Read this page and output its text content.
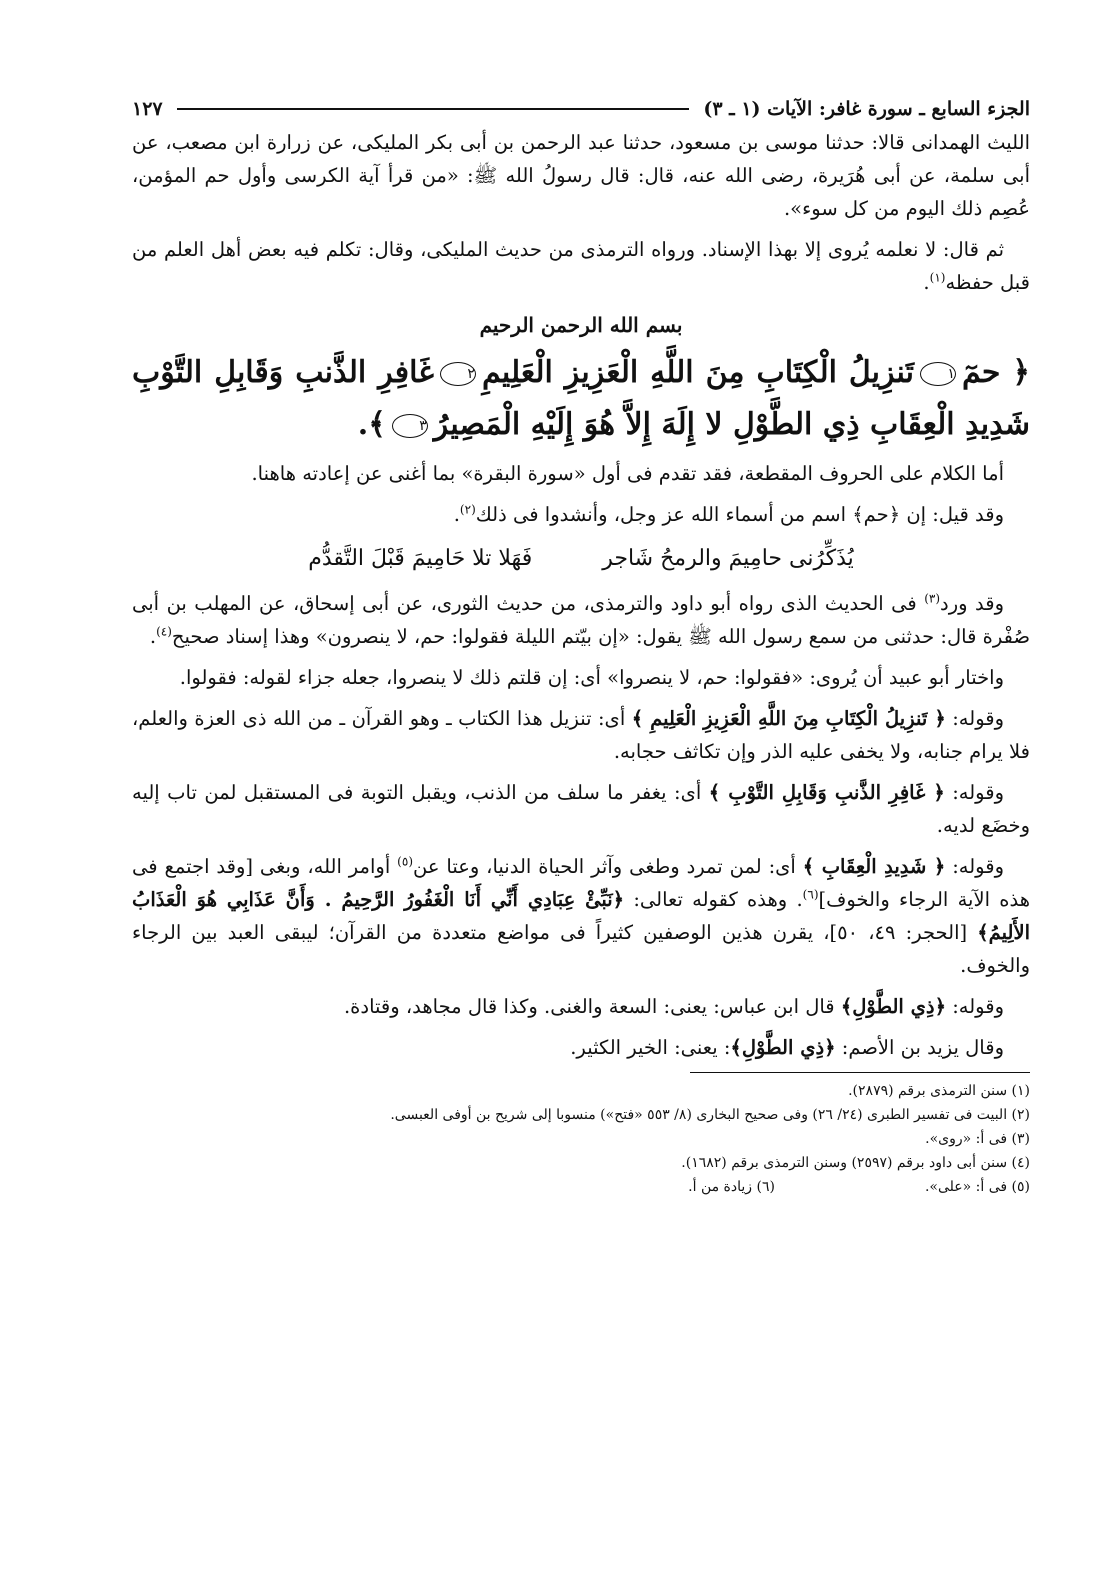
الجزء السابع ـ سورة غافر: الآيات (١ ـ ٣)
١٢٧

الليث الهمدانى قالا: حدثنا موسى بن مسعود، حدثنا عبد الرحمن بن أبى بكر المليكى، عن زرارة ابن مصعب، عن أبى سلمة، عن أبى هُرَيرة، رضى الله عنه، قال: قال رسولُ الله ﷺ: «من قرأ آية الكرسى وأول حم المؤمن، عُصِم ذلك اليوم من كل سوء».

ثم قال: لا نعلمه يُروى إلا بهذا الإسناد. ورواه الترمذى من حديث المليكى، وقال: تكلم فيه بعض أهل العلم من قبل حفظه$^{(١)}$.

بسم الله الرحمن الرحيم

﴿ حمٓ١تَنزِيلُ الْكِتَابِ مِنَ اللَّهِ الْعَزِيزِ الْعَلِيمِ٢غَافِرِ الذَّنبِ وَقَابِلِ التَّوْبِ شَدِيدِ الْعِقَابِ ذِي الطَّوْلِ لا إِلَهَ إِلاَّ هُوَ إِلَيْهِ الْمَصِيرُ٣﴾.

أما الكلام على الحروف المقطعة، فقد تقدم فى أول «سورة البقرة» بما أغنى عن إعادته هاهنا.

وقد قيل: إن ﴿حم﴾ اسم من أسماء الله عز وجل، وأنشدوا فى ذلك$^{(٢)}$.

يُذَكِّرُنى حامِيمَ والرمحُ شَاجر
فَهَلا تلا حَامِيمَ قَبْلَ التَّقدُّم

وقد ورد$^{(٣)}$ فى الحديث الذى رواه أبو داود والترمذى، من حديث الثورى، عن أبى إسحاق، عن المهلب بن أبى صُفْرة قال: حدثنى من سمع رسول الله ﷺ يقول: «إن بيّتم الليلة فقولوا: حم، لا ينصرون» وهذا إسناد صحيح$^{(٤)}$.

واختار أبو عبيد أن يُروى: «فقولوا: حم، لا ينصروا» أى: إن قلتم ذلك لا ينصروا، جعله جزاء لقوله: فقولوا.

وقوله: ﴿ تَنزِيلُ الْكِتَابِ مِنَ اللَّهِ الْعَزِيزِ الْعَلِيمِ ﴾ أى: تنزيل هذا الكتاب ـ وهو القرآن ـ من الله ذى العزة والعلم، فلا يرام جنابه، ولا يخفى عليه الذر وإن تكاثف حجابه.

وقوله: ﴿ غَافِرِ الذَّنبِ وَقَابِلِ التَّوْبِ ﴾ أى: يغفر ما سلف من الذنب، ويقبل التوبة فى المستقبل لمن تاب إليه وخضَع لديه.

وقوله: ﴿ شَدِيدِ الْعِقَابِ ﴾ أى: لمن تمرد وطغى وآثر الحياة الدنيا، وعتا عن$^{(٥)}$ أوامر الله، وبغى [وقد اجتمع فى هذه الآية الرجاء والخوف]$^{(٦)}$. وهذه كقوله تعالى: ﴿نَبِّئْ عِبَادِي أَنِّي أَنَا الْغَفُورُ الرَّحِيمُ . وَأَنَّ عَذَابِي هُوَ الْعَذَابُ الأَلِيمُ﴾ [الحجر: ٤٩، ٥٠]، يقرن هذين الوصفين كثيراً فى مواضع متعددة من القرآن؛ ليبقى العبد بين الرجاء والخوف.

وقوله: ﴿ذِي الطَّوْلِ﴾ قال ابن عباس: يعنى: السعة والغنى. وكذا قال مجاهد، وقتادة.

وقال يزيد بن الأصم: ﴿ذِي الطَّوْلِ﴾: يعنى: الخير الكثير.

(١) سنن الترمذى برقم (٢٨٧٩).
(٢) البيت فى تفسير الطبرى (٢٤/ ٢٦) وفى صحيح البخارى (٨/ ٥٥٣ «فتح») منسوبا إلى شريح بن أوفى العبسى.
(٣) فى أ: «روى».
(٤) سنن أبى داود برقم (٢٥٩٧) وسنن الترمذى برقم (١٦٨٢).
(٥) فى أ: «على».
(٦) زيادة من أ.
